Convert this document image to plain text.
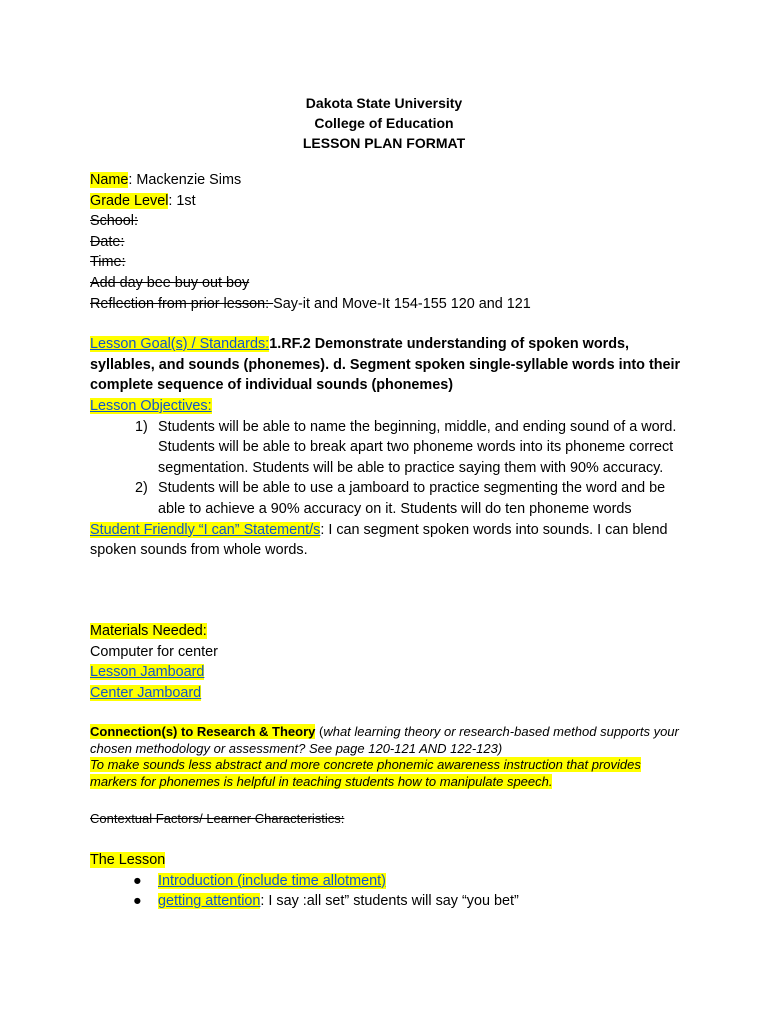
Dakota State University
College of Education
LESSON PLAN FORMAT
Name: Mackenzie Sims
Grade Level: 1st
School:
Date:
Time:
Add day bee buy out boy
Reflection from prior lesson: Say-it and Move-It 154-155 120 and 121
Lesson Goal(s) / Standards:1.RF.2 Demonstrate understanding of spoken words, syllables, and sounds (phonemes). d. Segment spoken single-syllable words into their complete sequence of individual sounds (phonemes)
Lesson Objectives:
1) Students will be able to name the beginning, middle, and ending sound of a word. Students will be able to break apart two phoneme words into its phoneme correct segmentation. Students will be able to practice saying them with 90% accuracy.
2) Students will be able to use a jamboard to practice segmenting the word and be able to achieve a 90% accuracy on it. Students will do ten phoneme words
Student Friendly “I can” Statement/s: I can segment spoken words into sounds. I can blend spoken sounds from whole words.
Materials Needed:
Computer for center
Lesson Jamboard
Center Jamboard
Connection(s) to Research & Theory (what learning theory or research-based method supports your chosen methodology or assessment? See page 120-121 AND 122-123)
To make sounds less abstract and more concrete phonemic awareness instruction that provides markers for phonemes is helpful in teaching students how to manipulate speech.
Contextual Factors/ Learner Characteristics:
The Lesson
● Introduction (include time allotment)
● getting attention: I say :all set” students will say “you bet”
